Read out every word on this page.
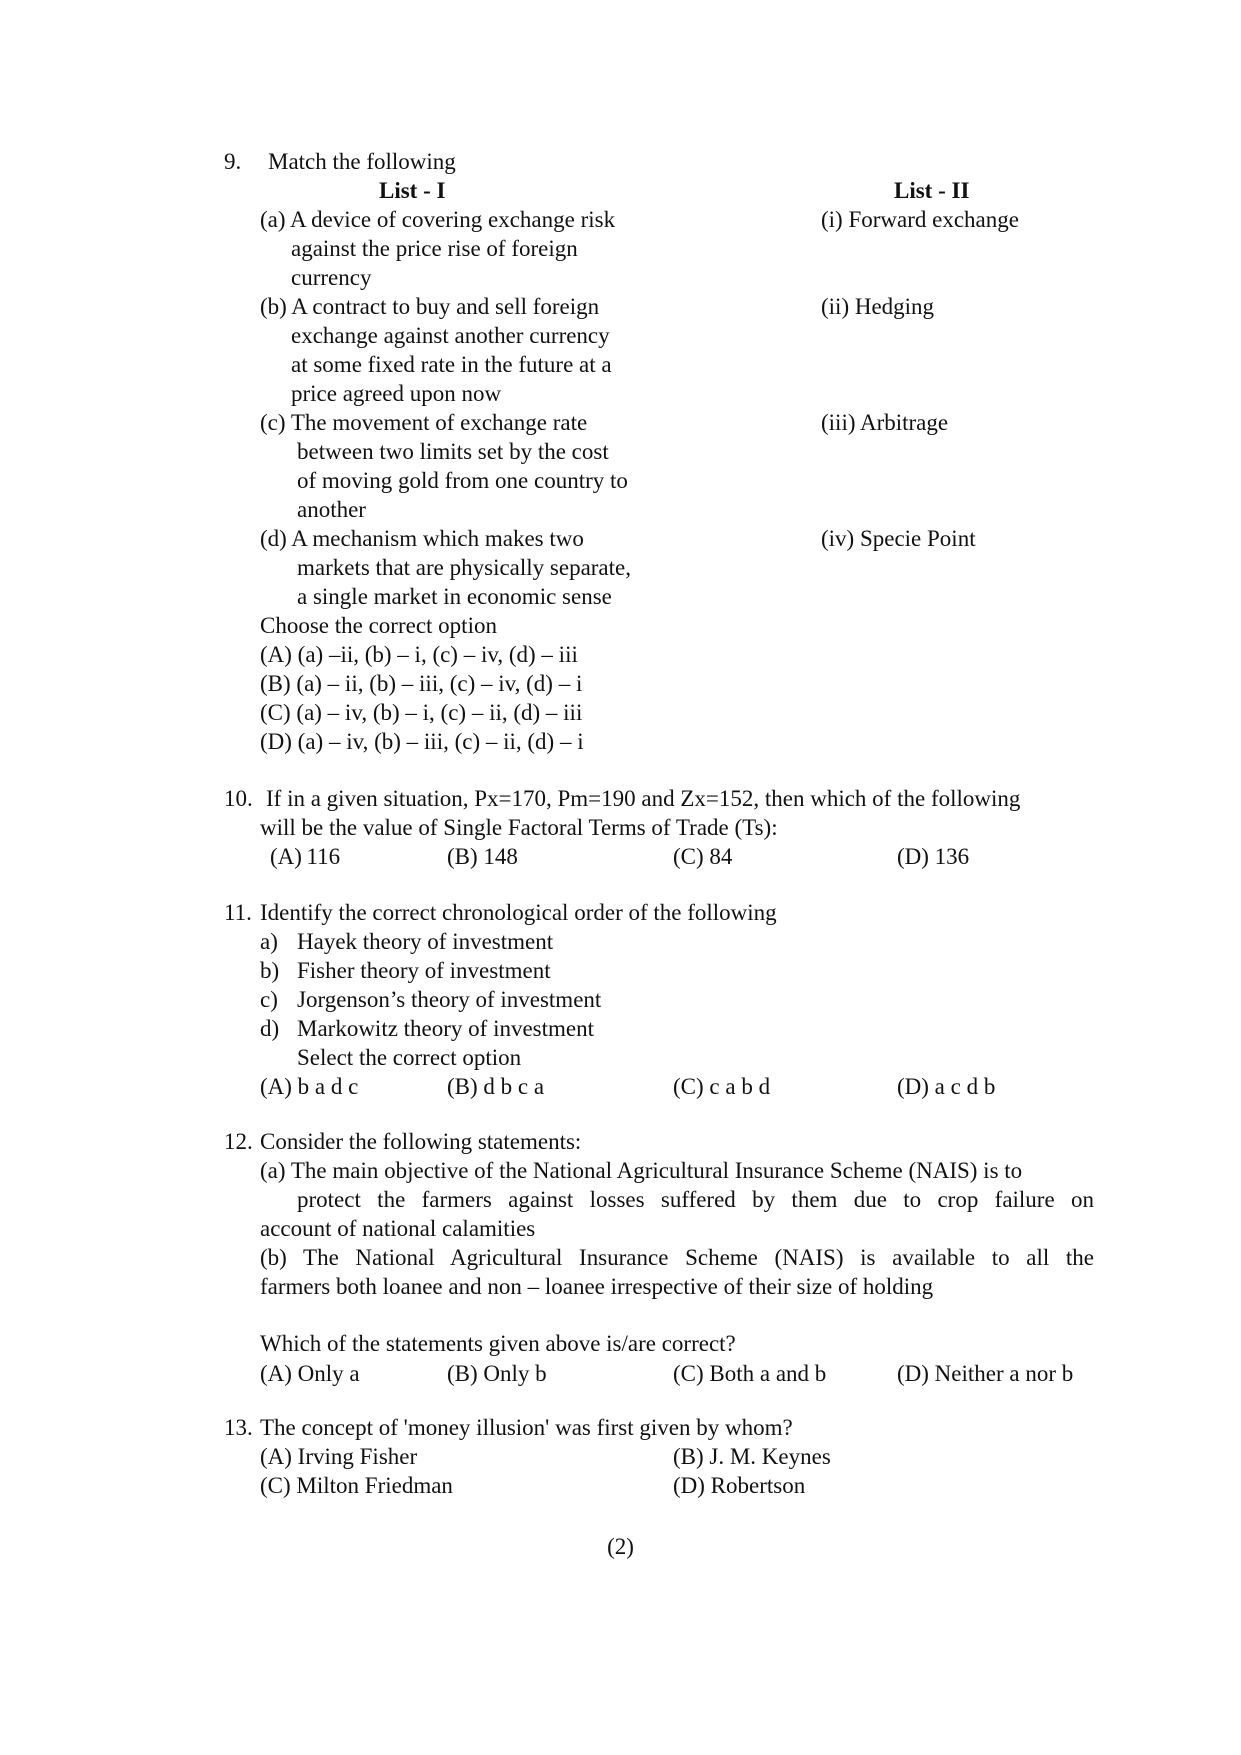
9. Match the following
List - I	List - II
(a) A device of covering exchange risk	(i) Forward exchange
against the price rise of foreign
currency
(b) A contract to buy and sell foreign	(ii) Hedging
exchange against another currency
at some fixed rate in the future at a
price agreed upon now
(c) The movement of exchange rate	(iii) Arbitrage
between two limits set by the cost
of moving gold from one country to
another
(d) A mechanism which makes two	(iv) Specie Point
markets that are physically separate,
a single market in economic sense
Choose the correct option
(A) (a) –ii, (b) – i, (c) – iv, (d) – iii
(B) (a) – ii, (b) – iii, (c) – iv, (d) – i
(C) (a) – iv, (b) – i, (c) – ii, (d) – iii
(D) (a) – iv, (b) – iii, (c) – ii, (d) – i
10. If in a given situation, Px=170, Pm=190 and Zx=152, then which of the following
will be the value of Single Factoral Terms of Trade (Ts):
(A) 116	(B) 148	(C) 84	(D) 136
11. Identify the correct chronological order of the following
a) Hayek theory of investment
b) Fisher theory of investment
c) Jorgenson’s theory of investment
d) Markowitz theory of investment
Select the correct option
(A) b a d c	(B) d b c a	(C) c a b d	(D) a c d b
12. Consider the following statements:
(a) The main objective of the National Agricultural Insurance Scheme (NAIS) is to
protect the farmers against losses suffered by them due to crop failure on
account of national calamities
(b) The National Agricultural Insurance Scheme (NAIS) is available to all the
farmers both loanee and non – loanee irrespective of their size of holding
Which of the statements given above is/are correct?
(A) Only a	(B) Only b	(C) Both a and b	(D) Neither a nor b
13. The concept of 'money illusion' was first given by whom?
(A) Irving Fisher	(B) J. M. Keynes
(C) Milton Friedman	(D) Robertson
(2)
